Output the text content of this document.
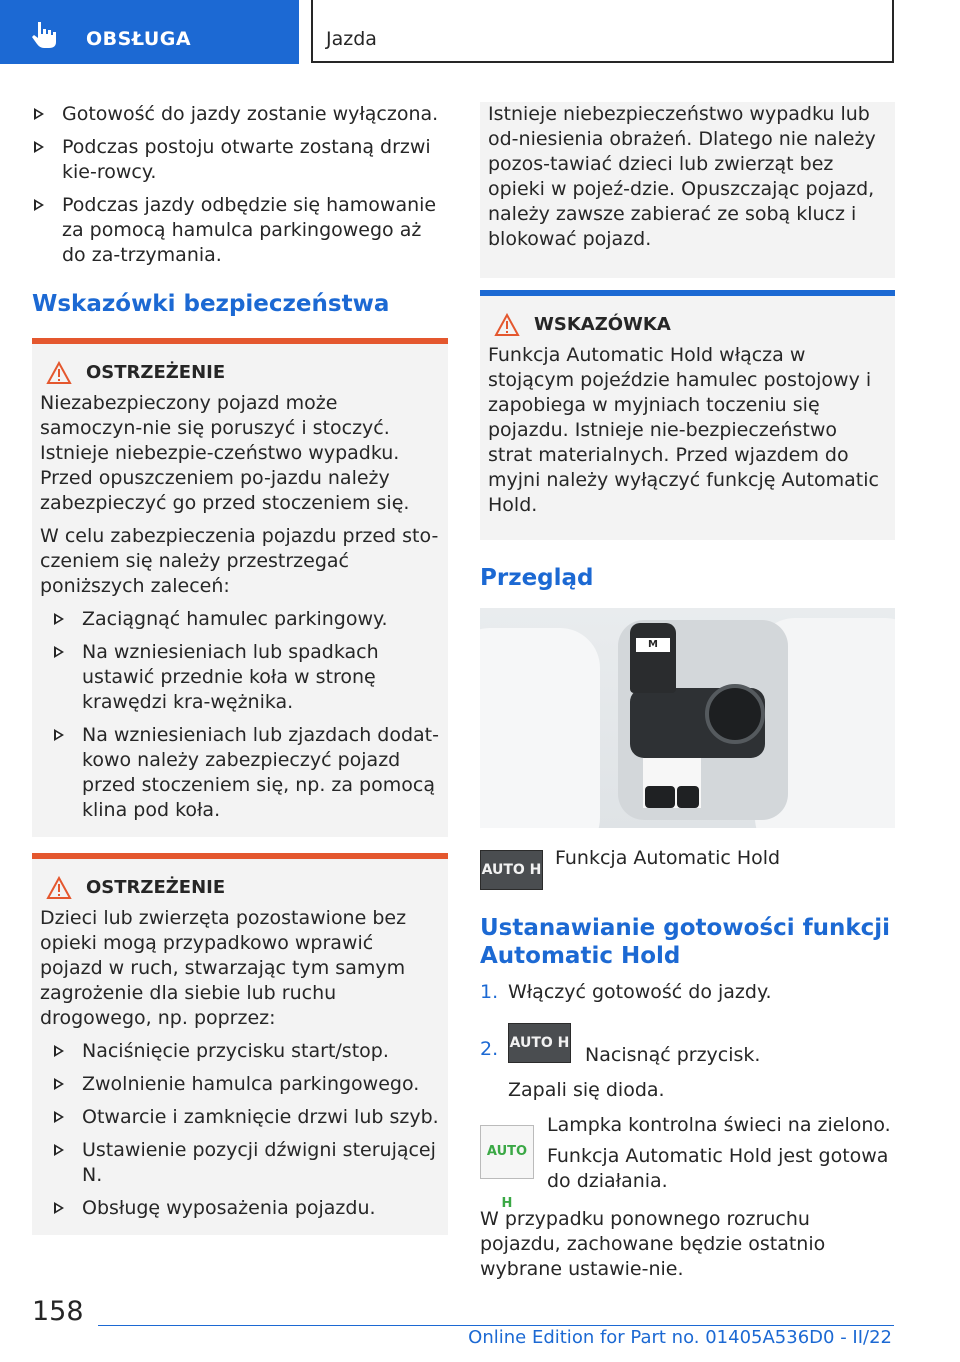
OBSŁUGA	Jazda
Gotowość do jazdy zostanie wyłączona.
Podczas postoju otwarte zostaną drzwi kie-rowcy.
Podczas jazdy odbędzie się hamowanie za pomocą hamulca parkingowego aż do za-trzymania.
Wskazówki bezpieczeństwa
OSTRZEŻENIE

Niezabezpieczony pojazd może samoczyn-nie się poruszyć i stoczyć. Istnieje niebezpie-czeństwo wypadku. Przed opuszczeniem po-jazdu należy zabezpieczyć go przed stoczeniem się.

W celu zabezpieczenia pojazdu przed sto-czeniem się należy przestrzegać poniższych zaleceń:

Zaciągnąć hamulec parkingowy.
Na wzniesieniach lub spadkach ustawić przednie koła w stronę krawędzi kra-wężnika.
Na wzniesieniach lub zjazdach dodat-kowo należy zabezpieczyć pojazd przed stoczeniem się, np. za pomocą klina pod koła.
OSTRZEŻENIE

Dzieci lub zwierzęta pozostawione bez opieki mogą przypadkowo wprawić pojazd w ruch, stwarzając tym samym zagrożenie dla siebie lub ruchu drogowego, np. poprzez:

Naciśnięcie przycisku start/stop.
Zwolnienie hamulca parkingowego.
Otwarcie i zamknięcie drzwi lub szyb.
Ustawienie pozycji dźwigni sterującej N.
Obsługę wyposażenia pojazdu.

Istnieje niebezpieczeństwo wypadku lub od-niesienia obrażeń. Dlatego nie należy pozos-tawiać dzieci lub zwierząt bez opieki w pojeź-dzie. Opuszczając pojazd, należy zawsze zabierać ze sobą klucz i blokować pojazd.

WSKAZÓWKA

Funkcja Automatic Hold włącza w stojącym pojeździe hamulec postojowy i zapobiega w myjniach toczeniu się pojazdu. Istnieje nie-bezpieczeństwo strat materialnych. Przed wjazdem do myjni należy wyłączyć funkcję Automatic Hold.

Przegląd
M
AUTO H
Funkcja Automatic Hold
Ustanawianie gotowości funkcji Automatic Hold
1. Włączyć gotowość do jazdy.
2. AUTO H Nacisnąć przycisk.

Zapali się dioda.

AUTO H

Lampka kontrolna świeci na zielono.

Funkcja Automatic Hold jest gotowa do działania.

W przypadku ponownego rozruchu pojazdu, zachowane będzie ostatnio wybrane ustawie-nie.

158
Online Edition for Part no. 01405A536D0 - II/22
